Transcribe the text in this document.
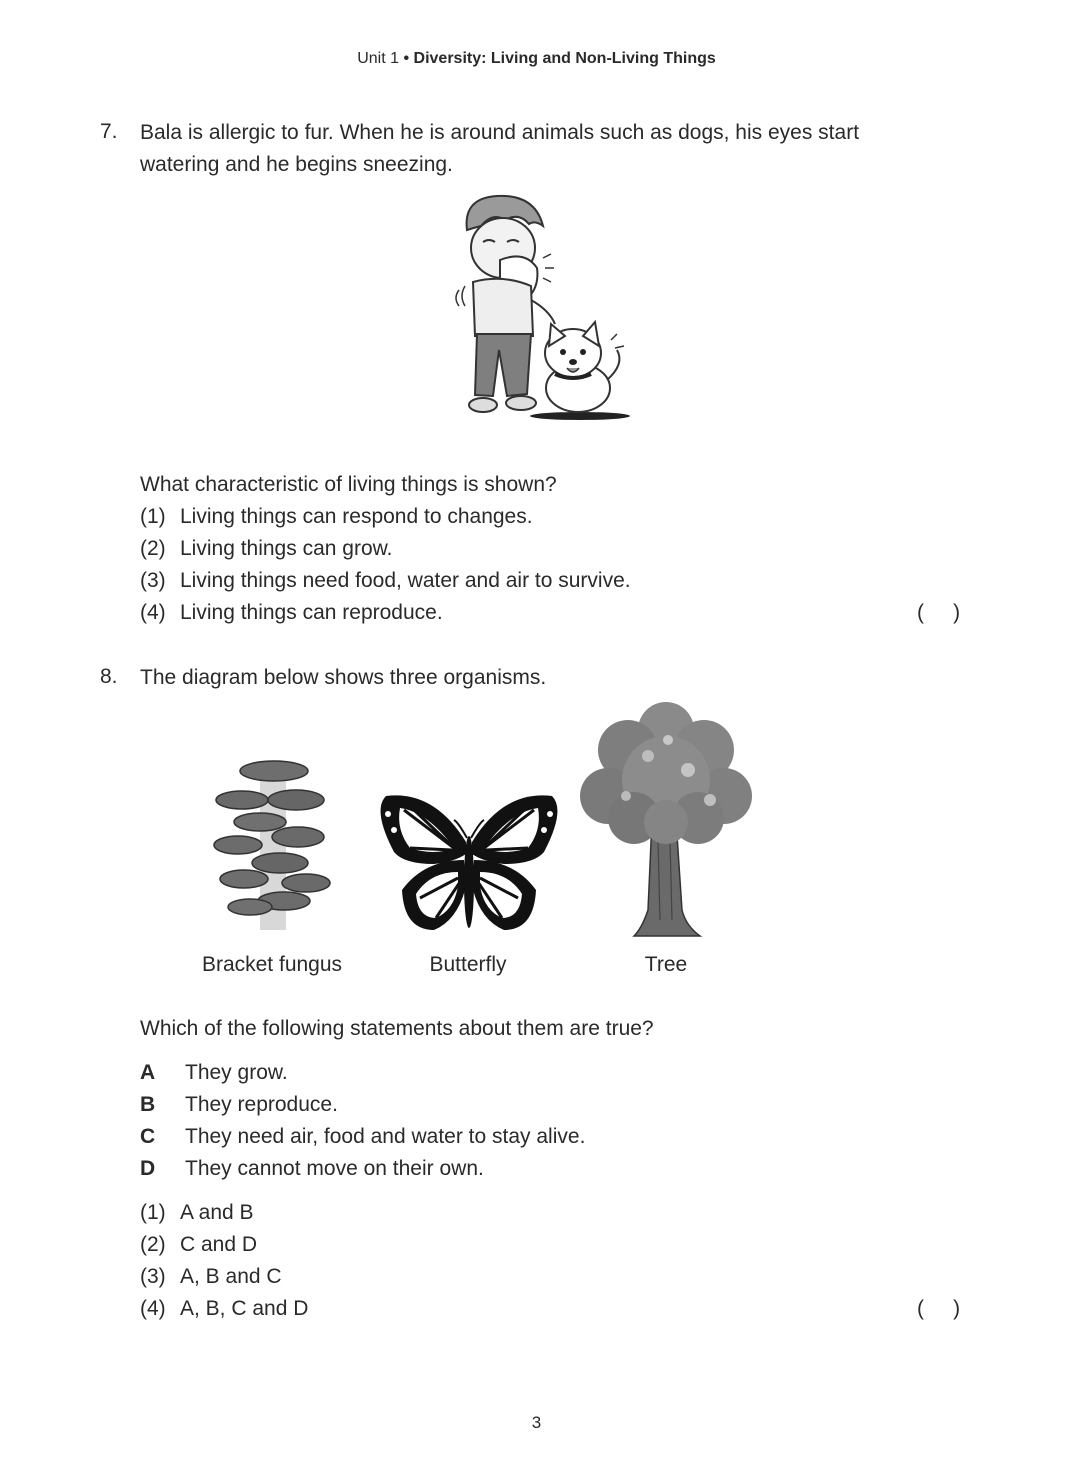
Unit 1 • Diversity: Living and Non-Living Things
7. Bala is allergic to fur. When he is around animals such as dogs, his eyes start
watering and he begins sneezing.
What characteristic of living things is shown?
(1) Living things can respond to changes.
(2) Living things can grow.
(3) Living things need food, water and air to survive.
(4) Living things can reproduce.	(     )
8. The diagram below shows three organisms.
Bracket fungus	Butterfly	Tree
Which of the following statements about them are true?
A They grow.
B They reproduce.
C They need air, food and water to stay alive.
D They cannot move on their own.
(1) A and B
(2) C and D
(3) A, B and C
(4) A, B, C and D	(     )
3
